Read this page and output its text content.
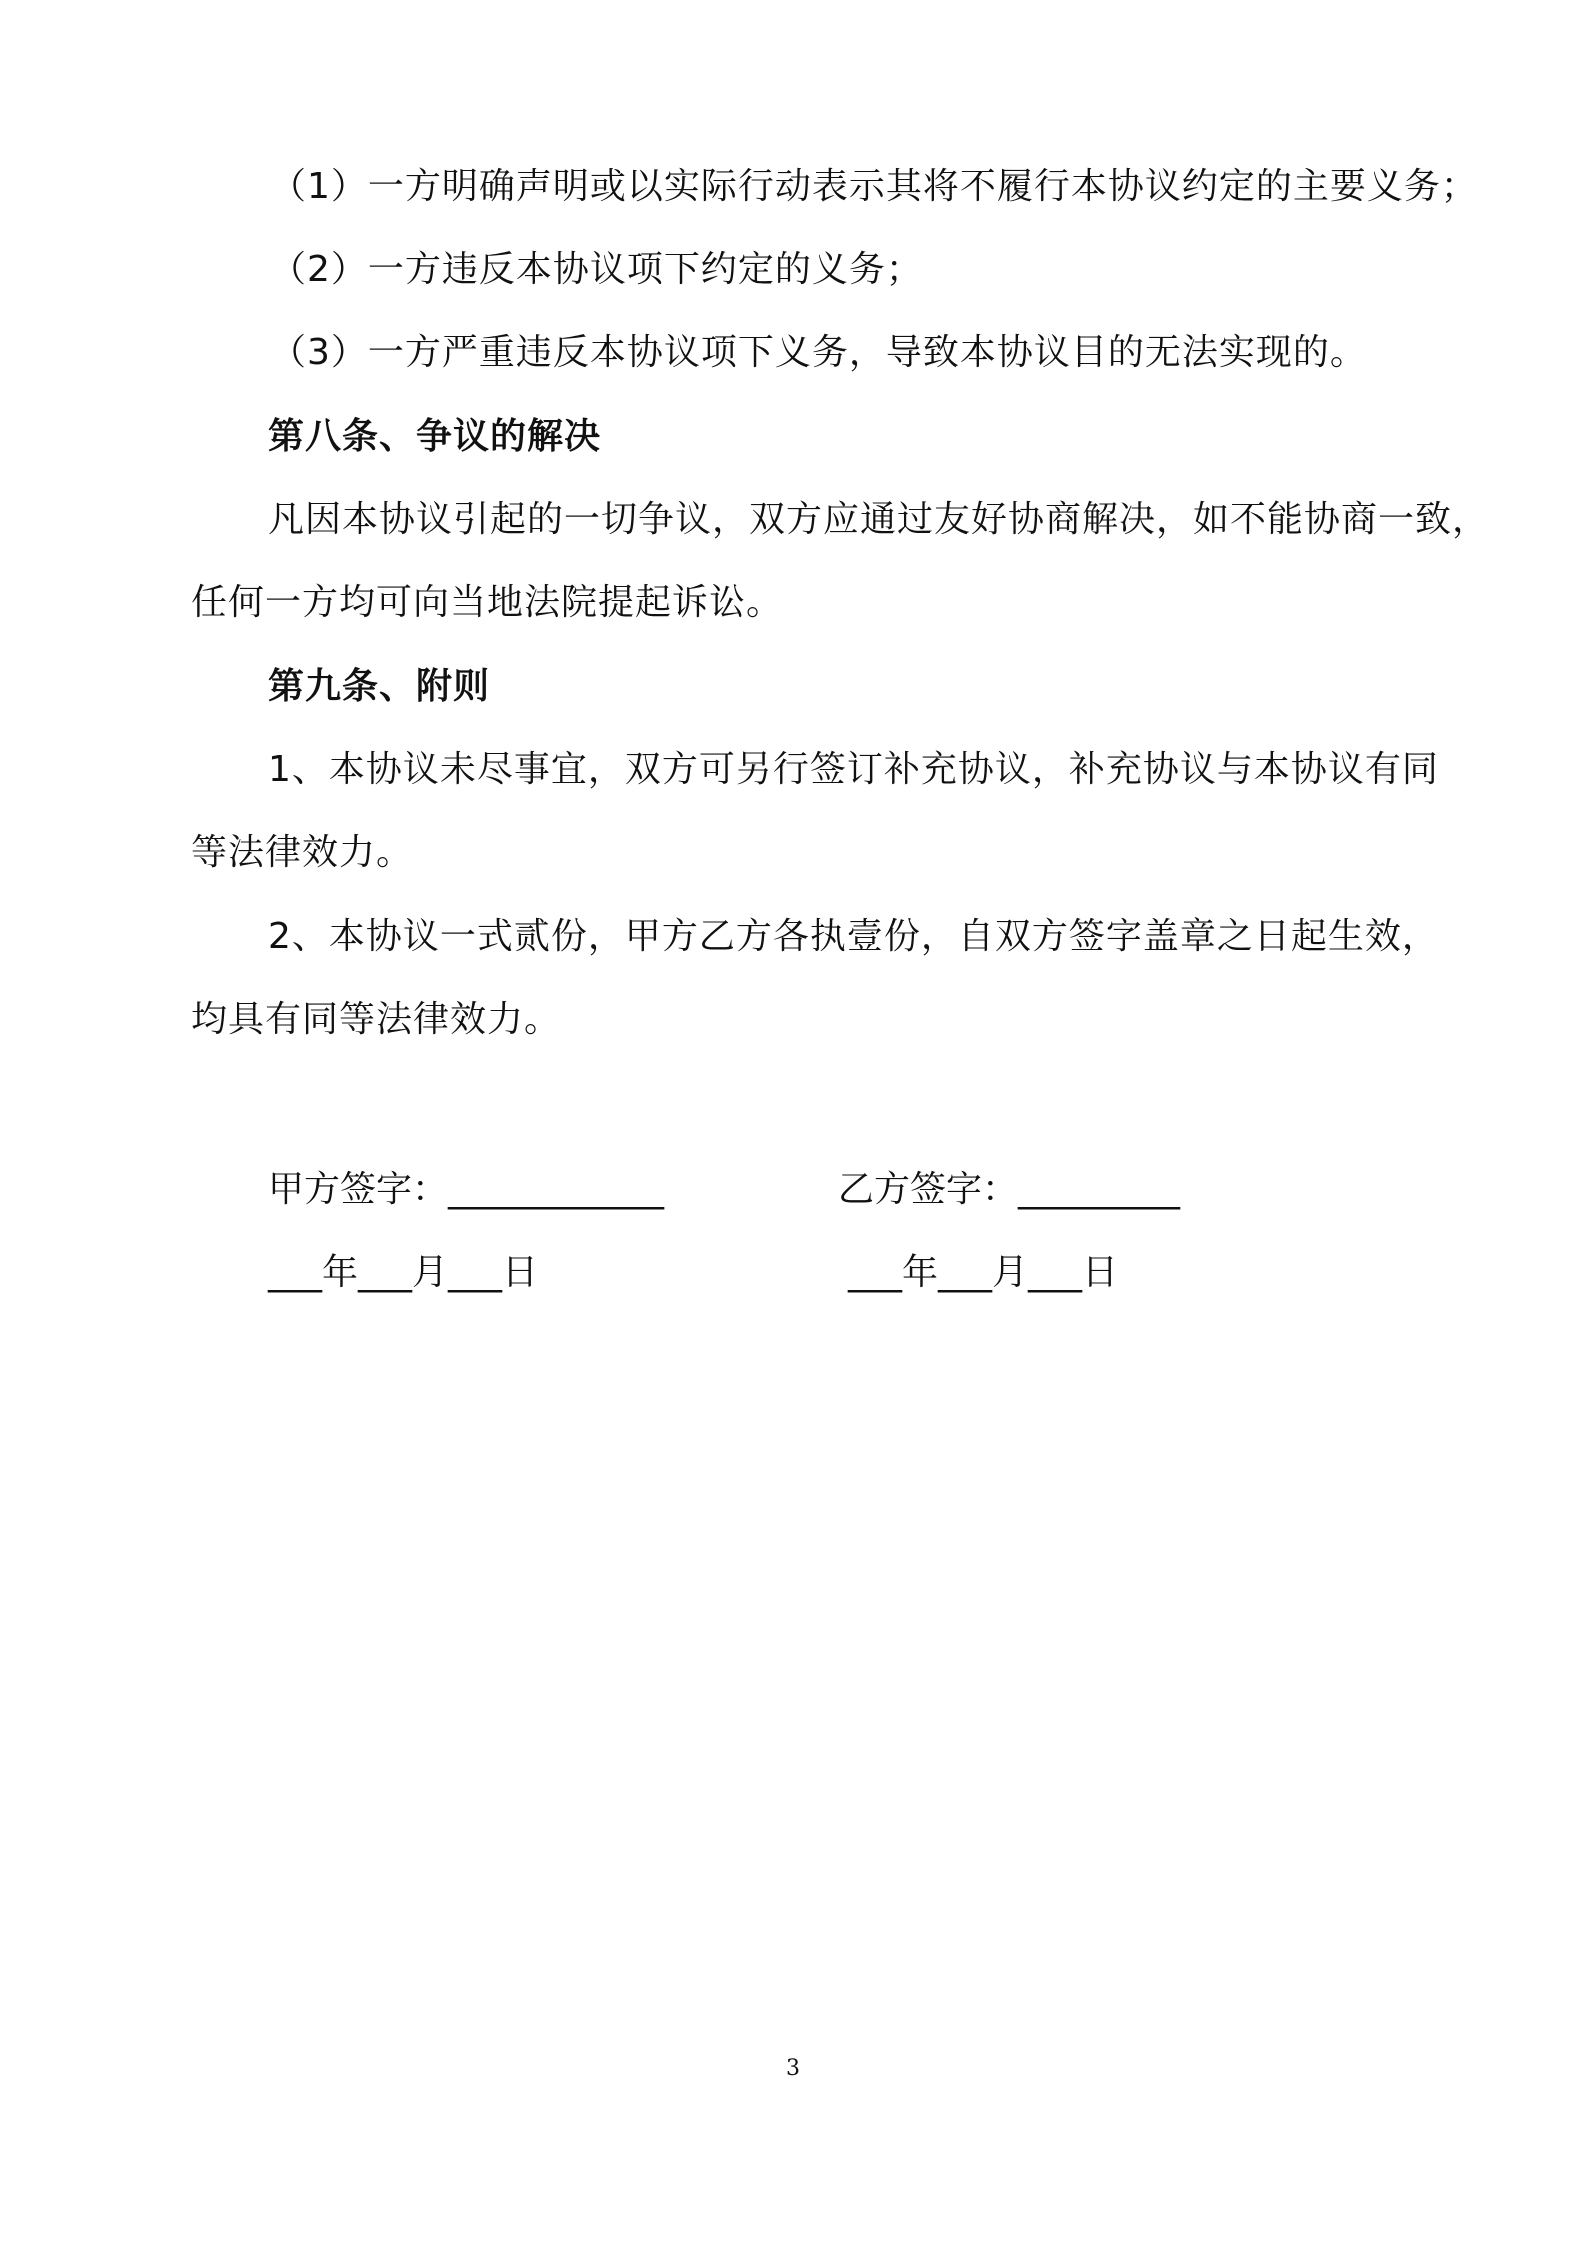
（1）一方明确声明或以实际行动表示其将不履行本协议约定的主要义务；
（2）一方违反本协议项下约定的义务；
（3）一方严重违反本协议项下义务，导致本协议目的无法实现的。
第八条、争议的解决
凡因本协议引起的一切争议，双方应通过友好协商解决，如不能协商一致，
任何一方均可向当地法院提起诉讼。
第九条、附则
1、本协议未尽事宜，双方可另行签订补充协议，补充协议与本协议有同
等法律效力。
2、本协议一式贰份，甲方乙方各执壹份，自双方签字盖章之日起生效，
均具有同等法律效力。
甲方签字：____________	乙方签字：_________
___年___月___日	___年___月___日
3
